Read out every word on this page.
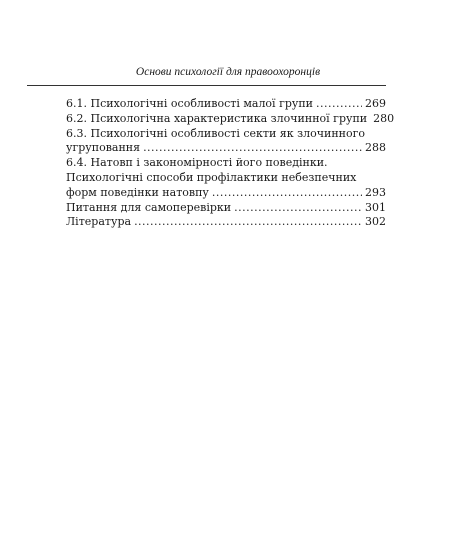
Основи психології для правоохоронців
6.1. Психологічні особливості малої групи .....	269
6.2. Психологічна характеристика злочинної групи 280
6.3. Психологічні особливості секти як злочинного
угруповання .....	288
6.4. Натовп і закономірності його поведінки.
Психологічні способи профілактики небезпечних
форм поведінки натовпу .....	293
Питання для самоперевірки .....	301
Література .....	302
